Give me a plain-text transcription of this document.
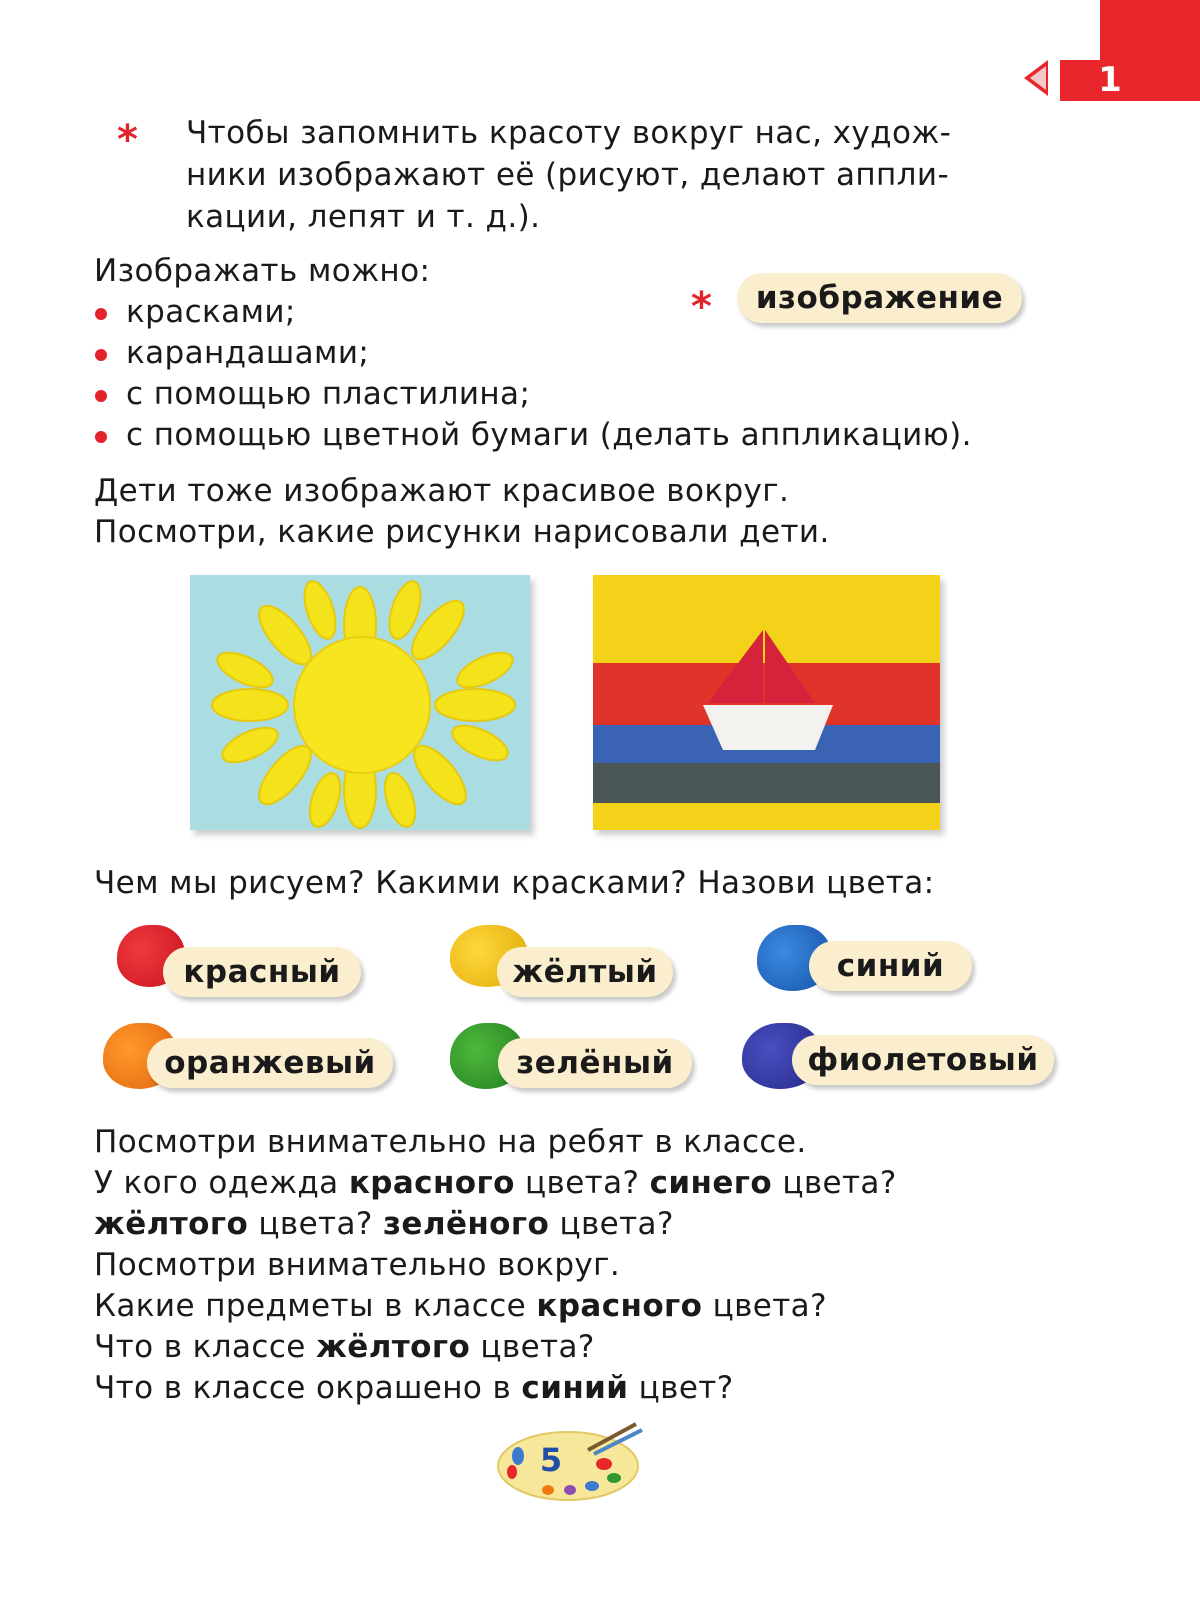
1
* Чтобы запомнить красоту вокруг нас, худож-
ники изображают её (рисуют, делают аппли-
кации, лепят и т. д.).
Изображать можно:
красками;
карандашами;
с помощью пластилина;
с помощью цветной бумаги (делать аппликацию).
*	изображение
Дети тоже изображают красивое вокруг.
Посмотри, какие рисунки нарисовали дети.
Чем мы рисуем? Какими красками? Назови цвета:
красный	жёлтый	синий
оранжевый	зелёный	фиолетовый
Посмотри внимательно на ребят в классе.
У кого одежда красного цвета? синего цвета?
жёлтого цвета? зелёного цвета?
Посмотри внимательно вокруг.
Какие предметы в классе красного цвета?
Что в классе жёлтого цвета?
Что в классе окрашено в синий цвет?
5
